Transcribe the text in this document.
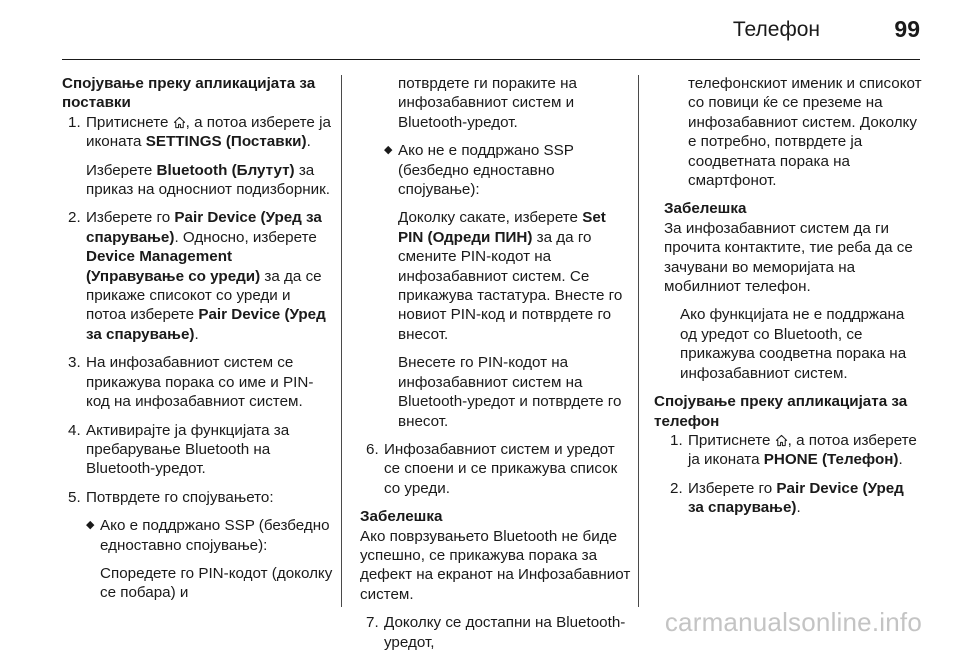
Телефон	99

Спојување преку апликацијата за поставки

1. Притиснете , а потоа изберете ја иконата SETTINGS (Поставки).

Изберете Bluetooth (Блутут) за приказ на односниот подизборник.

2. Изберете го Pair Device (Уред за спарување). Односно, изберете Device Management (Управување со уреди) за да се прикаже списокот со уреди и потоа изберете Pair Device (Уред за спарување).

3. На инфозабавниот систем се прикажува порака со име и PIN-код на инфозабавниот систем.

4. Активирајте ја функцијата за пребарување Bluetooth на Bluetooth-уредот.

5. Потврдете го спојувањето:

◆ Ако е поддржано SSP (безбедно едноставно спојување):

Споредете го PIN-кодот (доколку се побара) и

потврдете ги пораките на инфозабавниот систем и Bluetooth-уредот.

◆ Ако не е поддржано SSP (безбедно едноставно спојување):

Доколку сакате, изберете Set PIN (Одреди ПИН) за да го смените PIN-кодот на инфозабавниот систем. Се прикажува тастатура. Внесте го новиот PIN-код и потврдете го внесот.

Внесете го PIN-кодот на инфозабавниот систем на Bluetooth-уредот и потврдете го внесот.

6. Инфозабавниот систем и уредот се споени и се прикажува список со уреди.

Забелешка

Ако поврзувањето Bluetooth не биде успешно, се прикажува порака за дефект на екранот на Инфозабавниот систем.

7. Доколку се достапни на Bluetooth-уредот,

телефонскиот именик и списокот со повици ќе се преземе на инфозабавниот систем. Доколку е потребно, потврдете ја соодветната порака на смартфонот.

Забелешка

За инфозабавниот систем да ги прочита контактите, тие реба да се зачувани во меморијата на мобилниот телефон.

Ако функцијата не е поддржана од уредот со Bluetooth, се прикажува соодветна порака на инфозабавниот систем.

Спојување преку апликацијата за телефон

1. Притиснете , а потоа изберете ја иконата PHONE (Телефон).

2. Изберете го Pair Device (Уред за спарување).

carmanualsonline.info
